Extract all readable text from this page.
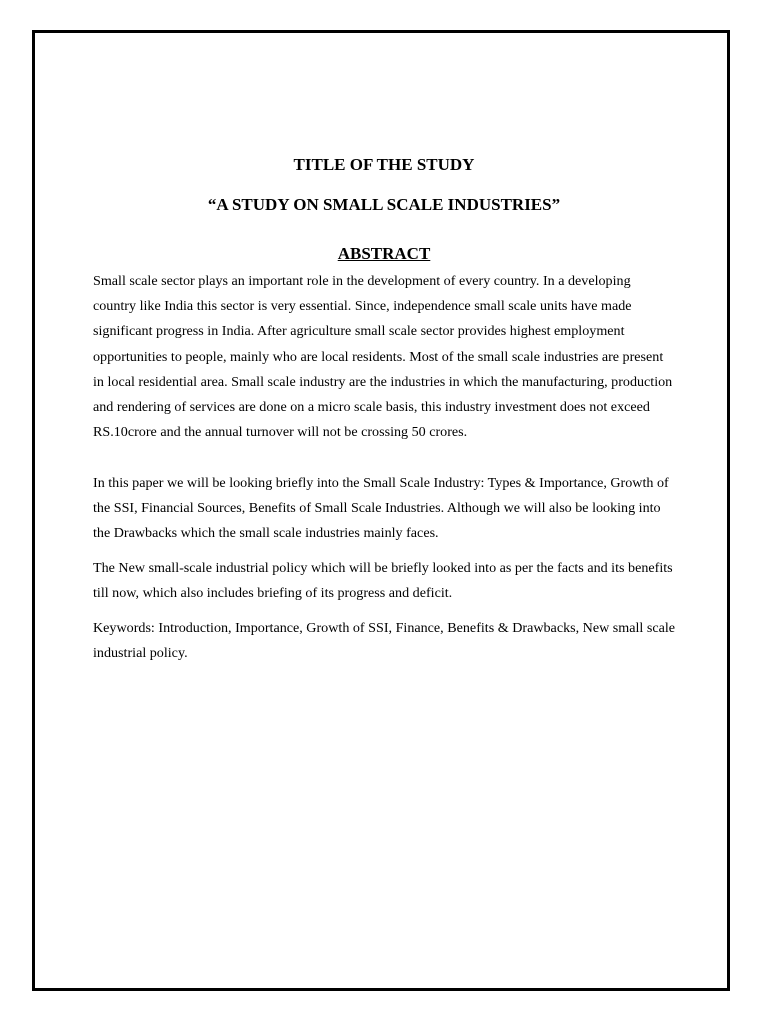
TITLE OF THE STUDY
“A STUDY ON SMALL SCALE INDUSTRIES”
ABSTRACT

Small scale sector plays an important role in the development of every country. In a developing country like India this sector is very essential. Since, independence small scale units have made significant progress in India. After agriculture small scale sector provides highest employment opportunities to people, mainly who are local residents. Most of the small scale industries are present in local residential area. Small scale industry are the industries in which the manufacturing, production and rendering of services are done on a micro scale basis, this industry investment does not exceed RS.10crore and the annual turnover will not be crossing 50 crores.

In this paper we will be looking briefly into the Small Scale Industry: Types & Importance, Growth of the SSI, Financial Sources, Benefits of Small Scale Industries. Although we will also be looking into the Drawbacks which the small scale industries mainly faces.

The New small-scale industrial policy which will be briefly looked into as per the facts and its benefits till now, which also includes briefing of its progress and deficit.

Keywords: Introduction, Importance, Growth of SSI, Finance, Benefits & Drawbacks, New small scale industrial policy.
